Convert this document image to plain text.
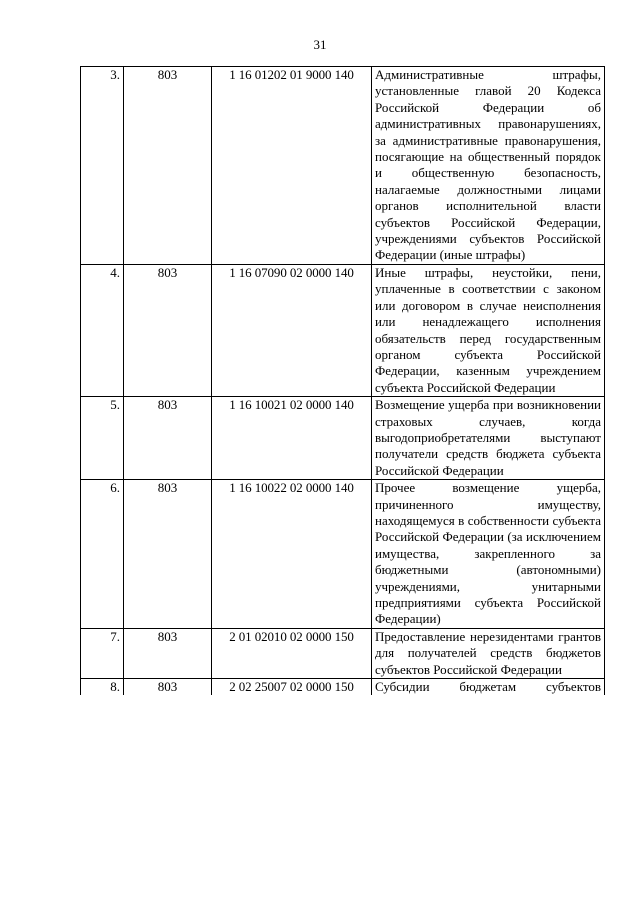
31
3.	803	1 16 01202 01 9000 140	Административные штрафы, установленные главой 20 Кодекса Российской Федерации об административных правонарушениях, за административные правонарушения, посягающие на общественный порядок и общественную безопасность, налагаемые должностными лицами органов исполнительной власти субъектов Российской Федерации, учреждениями субъектов Российской Федерации (иные штрафы)
4.	803	1 16 07090 02 0000 140	Иные штрафы, неустойки, пени, уплаченные в соответствии с законом или договором в случае неисполнения или ненадлежащего исполнения обязательств перед государственным органом субъекта Российской Федерации, казенным учреждением субъекта Российской Федерации
5.	803	1 16 10021 02 0000 140	Возмещение ущерба при возникновении страховых случаев, когда выгодоприобретателями выступают получатели средств бюджета субъекта Российской Федерации
6.	803	1 16 10022 02 0000 140	Прочее возмещение ущерба, причиненного имуществу, находящемуся в собственности субъекта Российской Федерации (за исключением имущества, закрепленного за бюджетными (автономными) учреждениями, унитарными предприятиями субъекта Российской Федерации)
7.	803	2 01 02010 02 0000 150	Предоставление нерезидентами грантов для получателей средств бюджетов субъектов Российской Федерации
8.	803	2 02 25007 02 0000 150	Субсидии бюджетам субъектов
